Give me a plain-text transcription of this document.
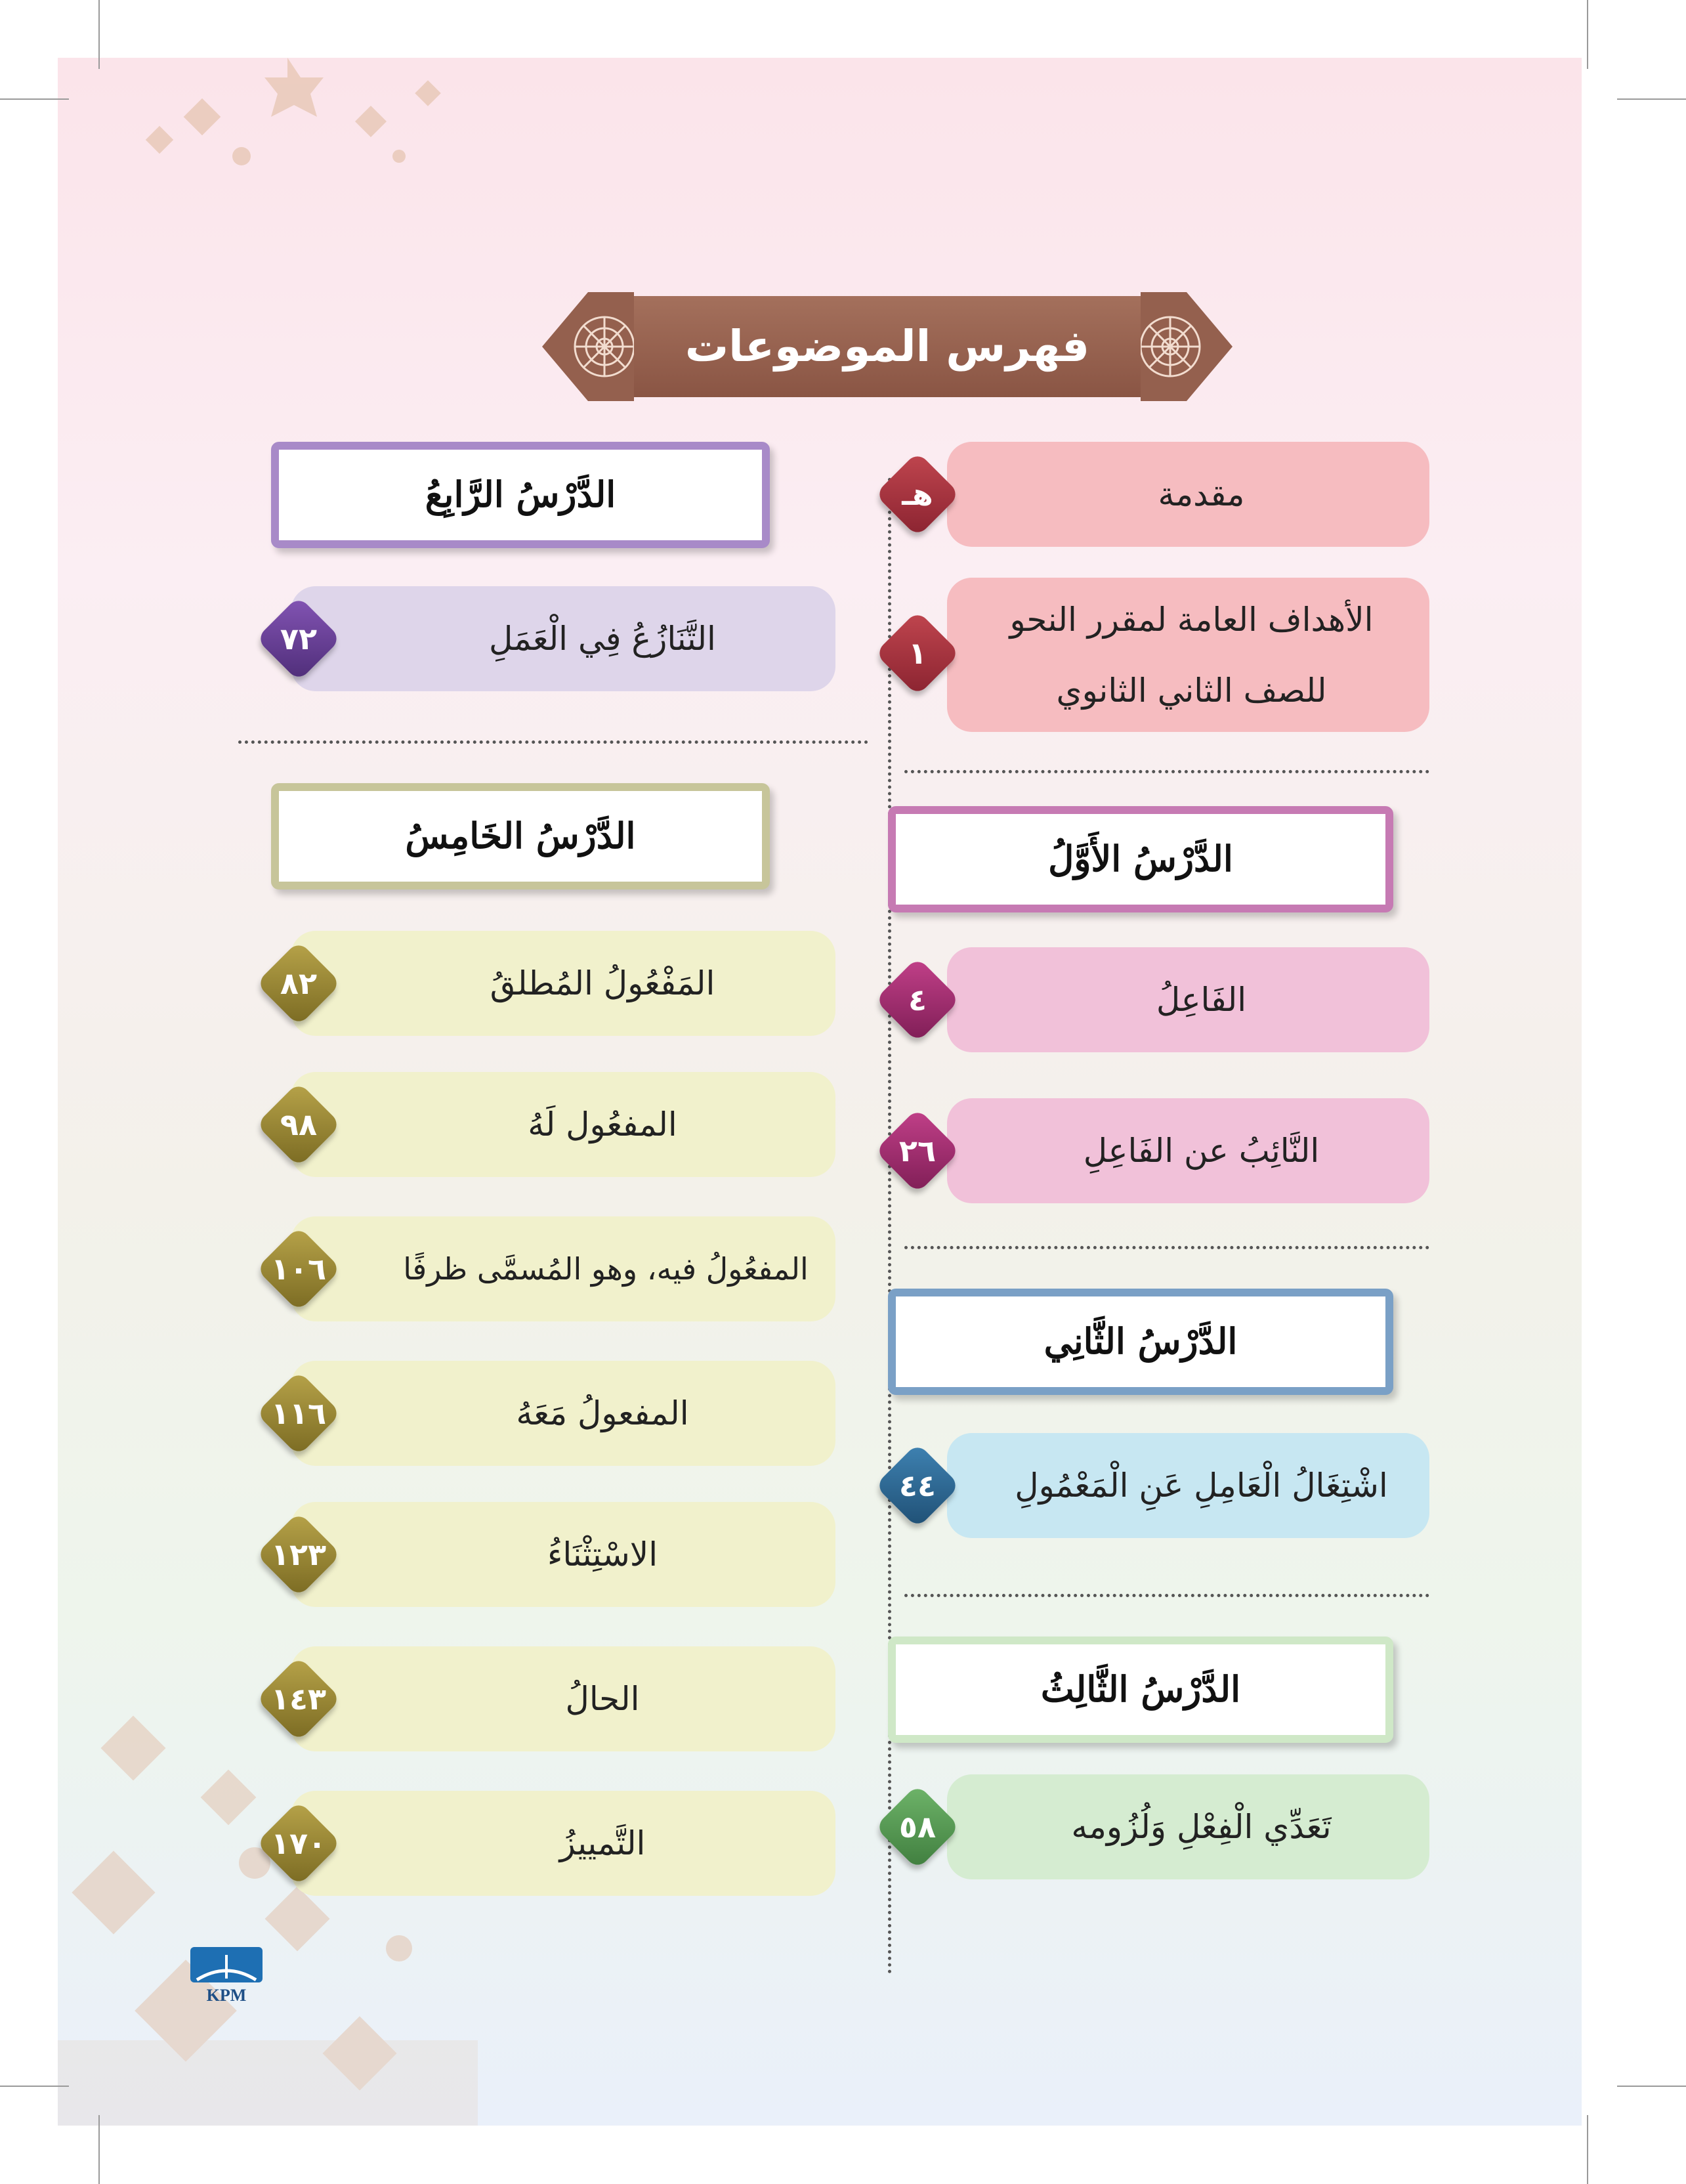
KPM
فهرس الموضوعات
مقدمة
هـ
الأهداف العامة لمقرر النحو
للصف الثاني الثانوي
١
الدَّرْسُ الأَوَّلُ
الفَاعِلُ
٤
النَّائِبُ عن الفَاعِلِ
٢٦
الدَّرْسُ الثَّانِي
اشْتِغَالُ الْعَامِلِ عَنِ الْمَعْمُولِ
٤٤
الدَّرْسُ الثَّالِثُ
تَعَدِّي الْفِعْلِ وَلُزُومه
٥٨
الدَّرْسُ الرَّابِعُ
التَّنَازُعُ فِي الْعَمَلِ
٧٢
الدَّرْسُ الخَامِسُ
المَفْعُولُ المُطلقُ
٨٢
المفعُول لَهُ
٩٨
المفعُولُ فيه، وهو المُسمَّى ظرفًا
١٠٦
المفعولُ مَعَهُ
١١٦
الاسْتِثْنَاءُ
١٢٣
الحالُ
١٤٣
التَّمييزُ
١٧٠
